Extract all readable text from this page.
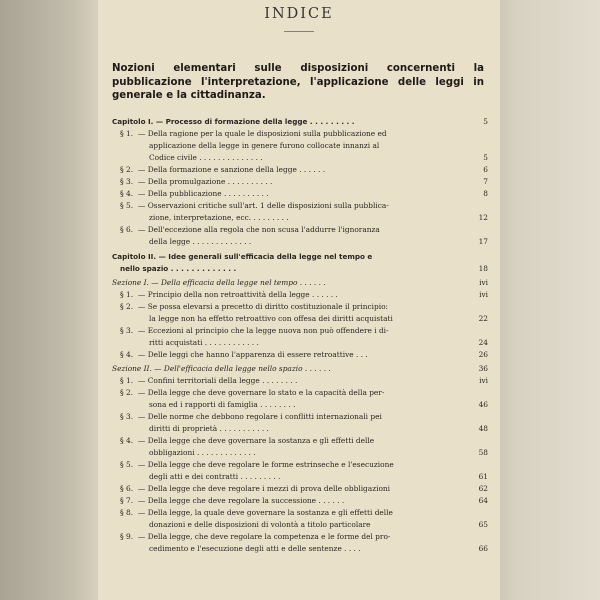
INDICE
Nozioni elementari sulle disposizioni concernenti la pubblicazione l'interpretazione, l'applicazione delle leggi in generale e la cittadinanza.
Capitolo I. — Processo di formazione della legge . . . . . . . . .	5
§ 1. — Della ragione per la quale le disposizioni sulla pubblicazione ed
applicazione della legge in genere furono collocate innanzi al
Codice civile . . . . . . . . . . . . . .	5
§ 2. — Della formazione e sanzione della legge . . . . . .	6
§ 3. — Della promulgazione . . . . . . . . . .	7
§ 4. — Della pubblicazione . . . . . . . . . .	8
§ 5. — Osservazioni critiche sull'art. 1 delle disposizioni sulla pubblica-
zione, interpretazione, ecc. . . . . . . . .	12
§ 6. — Dell'eccezione alla regola che non scusa l'addurre l'ignoranza
della legge . . . . . . . . . . . . .	17
Capitolo II. — Idee generali sull'efficacia della legge nel tempo e
nello spazio . . . . . . . . . . . . .	18
Sezione I. — Della efficacia della legge nel tempo . . . . . .	ivi
§ 1. — Principio della non retroattività della legge . . . . . .	ivi
§ 2. — Se possa elevarsi a precetto di diritto costituzionale il principio:
la legge non ha effetto retroattivo con offesa dei diritti acquistati	22
§ 3. — Eccezioni al principio che la legge nuova non può offendere i di-
ritti acquistati . . . . . . . . . . . .	24
§ 4. — Delle leggi che hanno l'apparenza di essere retroattive . . .	26
Sezione II. — Dell'efficacia della legge nello spazio . . . . . .	36
§ 1. — Confini territoriali della legge . . . . . . . .	ivi
§ 2. — Della legge che deve governare lo stato e la capacità della per-
sona ed i rapporti di famiglia . . . . . . . .	46
§ 3. — Delle norme che debbono regolare i conflitti internazionali pei
diritti di proprietà . . . . . . . . . . .	48
§ 4. — Della legge che deve governare la sostanza e gli effetti delle
obbligazioni . . . . . . . . . . . . .	58
§ 5. — Della legge che deve regolare le forme estrinseche e l'esecuzione
degli atti e dei contratti . . . . . . . . .	61
§ 6. — Della legge che deve regolare i mezzi di prova delle obbligazioni	62
§ 7. — Della legge che deve regolare la successione . . . . . .	64
§ 8. — Della legge, la quale deve governare la sostanza e gli effetti delle
donazioni e delle disposizioni di volontà a titolo particolare	65
§ 9. — Della legge, che deve regolare la competenza e le forme del pro-
cedimento e l'esecuzione degli atti e delle sentenze . . . .	66
